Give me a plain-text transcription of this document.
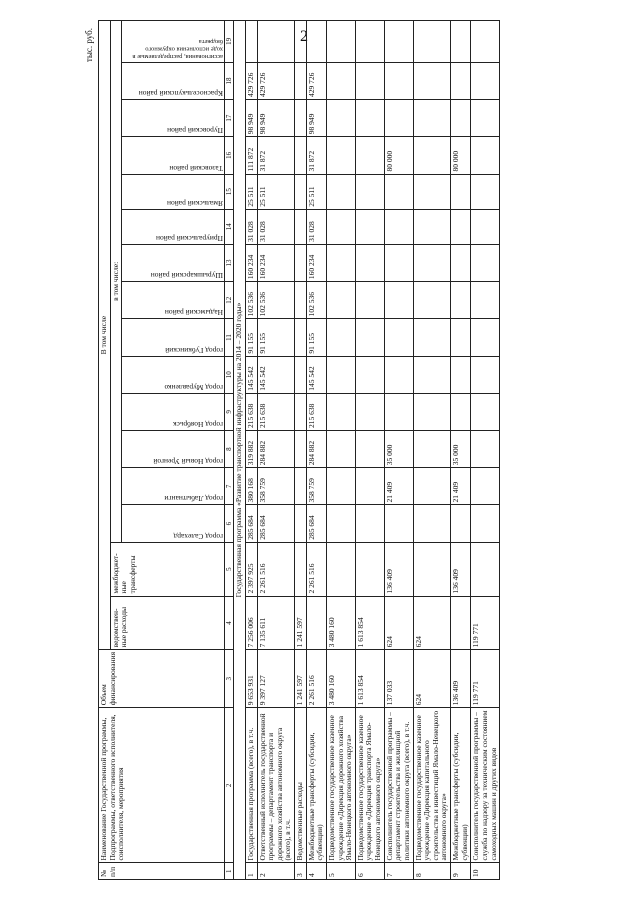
2
тыс. руб.
№ п/п	Наименование Государственной программы, Подпрограммы, ответственного исполнителя, соисполнителя, мероприятия	Объем финансирования	В том числе															
			ведомствен-ные расходы	межбюджет-ные трансферты	в том числе:													

					город Салехард	город Лабытнанги	город Новый Уренгой	город Ноябрьск	город Муравленко	город Губкинский	Надымский район	Шурышкарский район	Приуральский район	Ямальский район	Тазовский район	Пуровский район	Красноселькупский район	ассигнования, распределяемые в ходе исполнения окружного бюджета

1	2	3	4	5	6	7	8	9	10	11	12	13	14	15	16	17	18	19
Государственная программа «Развитие транспортной инфраструктуры на 2014 – 2020 годы»																		
1	Государственная программа (всего), в т.ч.	9 653 931	7 256 006	2 397 925	285 684	380 168	319 882	215 638	145 542	91 155	102 536	160 234	31 028	25 511	111 872	98 949	429 726	
2	Ответственный исполнитель государственной программы – департамент транспорта и дорожного хозяйства автономного округа (всего), в т.ч.	9 397 127	7 135 611	2 261 516	285 684	358 759	284 882	215 638	145 542	91 155	102 536	160 234	31 028	25 511	31 872	98 949	429 726	
3	Ведомственные расходы	1 241 597	1 241 597															
4	Межбюджетные трансферты (субсидии, субвенции)	2 261 516		2 261 516	285 684	358 759	284 882	215 638	145 542	91 155	102 536	160 234	31 028	25 511	31 872	98 949	429 726	
5	Подведомственное государственное казенное учреждение «Дирекция дорожного хозяйства Ямало-Ненецкого автономного округа»	3 480 160	3 480 160															
6	Подведомственное государственное казенное учреждение «Дирекция транспорта Ямало-Ненецкого автономного округа»	1 613 854	1 613 854															
7	Соисполнитель государственной программы – департамент строительства и жилищной политики автономного округа (всего), в т.ч.	137 033	624	136 409		21 409	35 000								80 000			
8	Подведомственное государственное казенное учреждение «Дирекция капитального строительства и инвестиций Ямало-Ненецкого автономного округа»	624	624															
9	Межбюджетные трансферты (субсидии, субвенции)	136 409		136 409		21 409	35 000								80 000			
10	Соисполнитель государственной программы – служба по надзору за техническим состоянием самоходных машин и других видов	119 771	119 771															
